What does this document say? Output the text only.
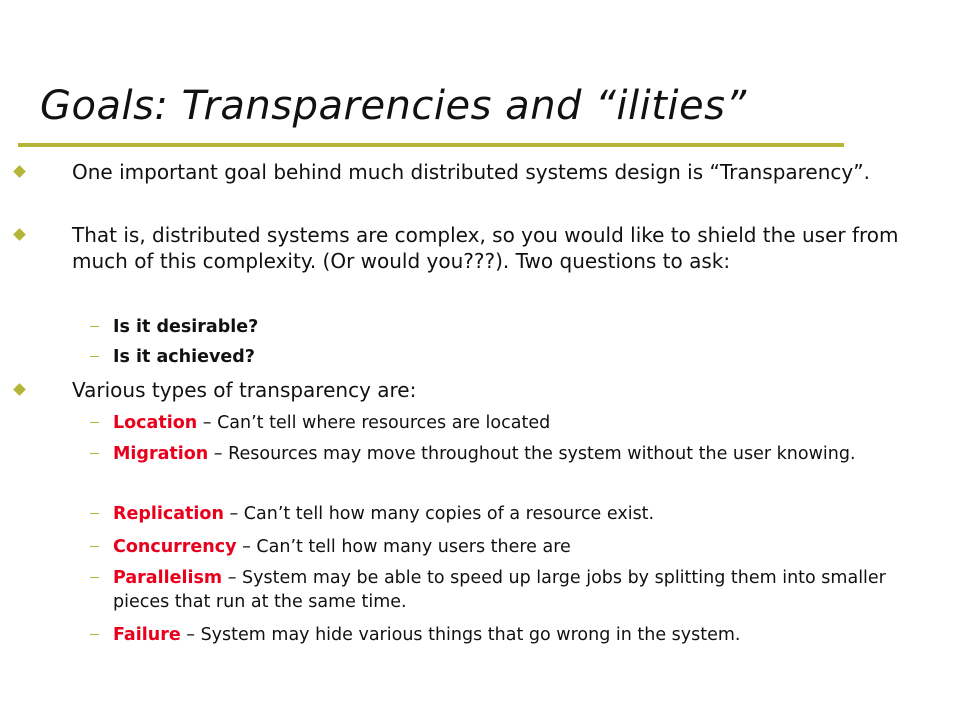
Goals: Transparencies and “ilities”
One important goal behind much distributed systems design is “Transparency”.
That is, distributed systems are complex, so you would like to shield the user from much of this complexity. (Or would you???). Two questions to ask:
Is it desirable?
Is it achieved?
Various types of transparency are:
Location – Can’t tell where resources are located
Migration – Resources may move throughout the system without the user knowing.
Replication – Can’t tell how many copies of a resource exist.
Concurrency – Can’t tell how many users there are
Parallelism – System may be able to speed up large jobs by splitting them into smaller pieces that run at the same time.
Failure – System may hide various things that go wrong in the system.
